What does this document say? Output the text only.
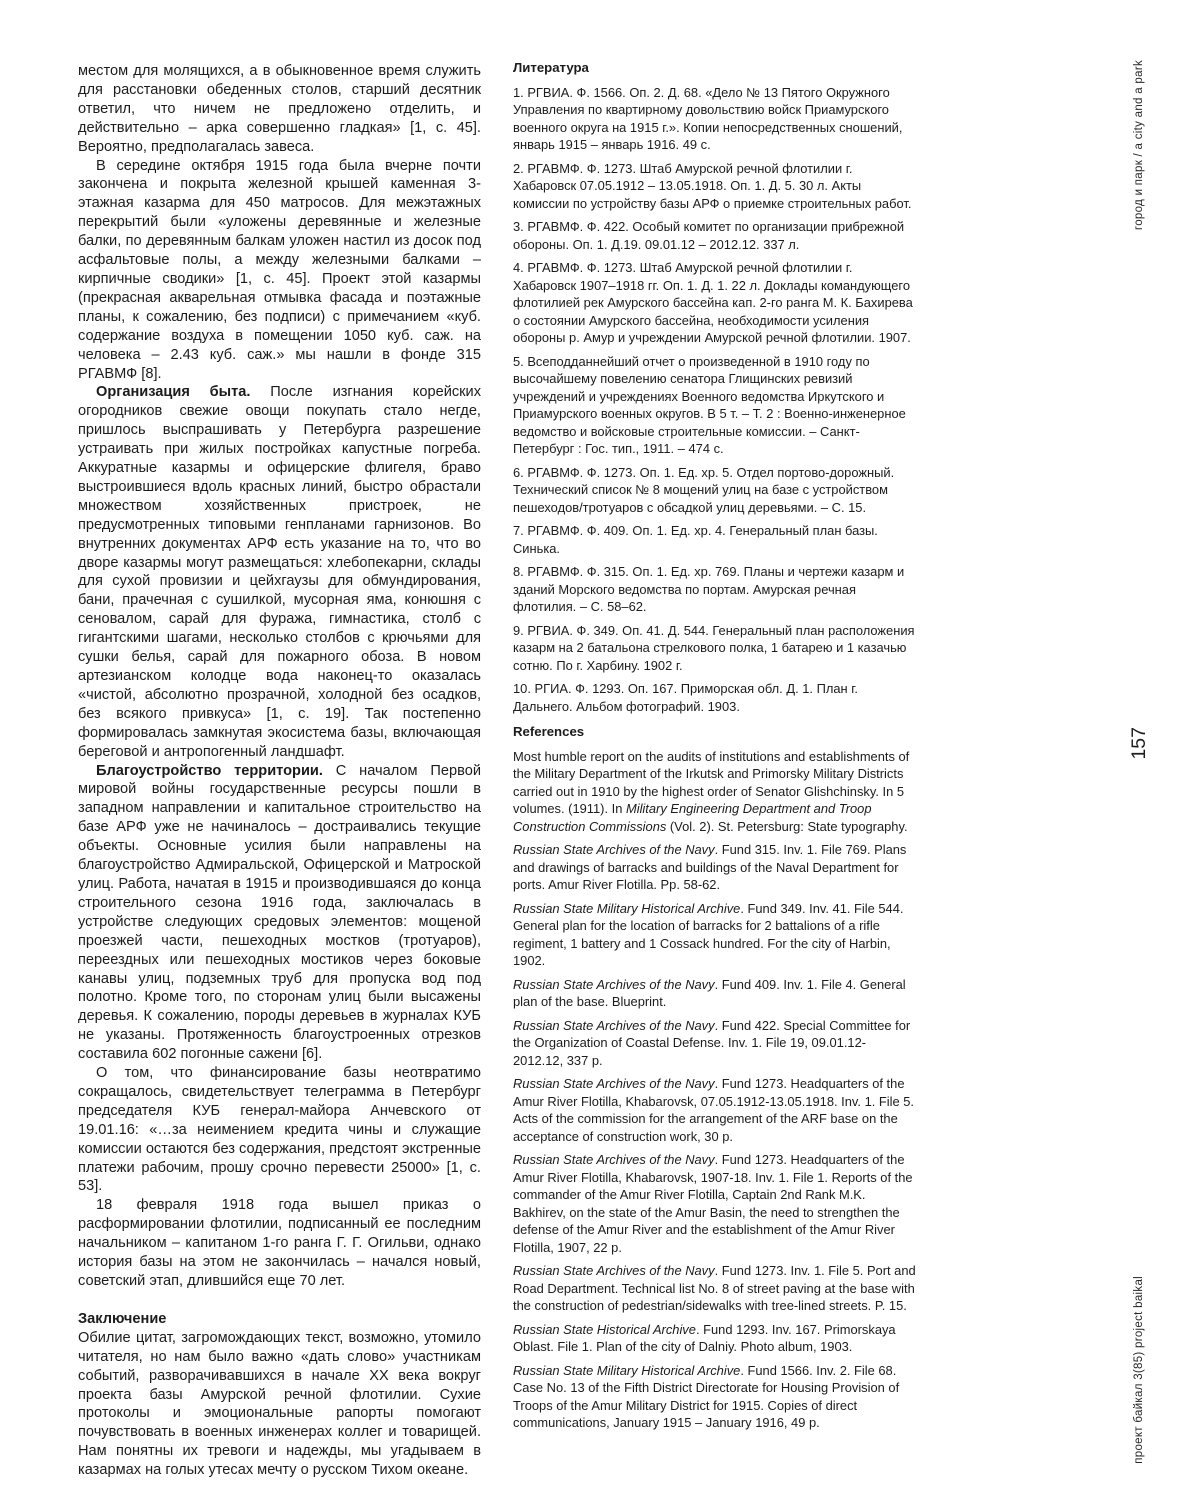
местом для молящихся, а в обыкновенное время служить для расстановки обеденных столов, старший десятник ответил, что ничем не предложено отделить, и действительно – арка совершенно гладкая» [1, с. 45]. Вероятно, предполагалась завеса.

В середине октября 1915 года была вчерне почти закончена и покрыта железной крышей каменная 3-этажная казарма для 450 матросов. Для межэтажных перекрытий были «уложены деревянные и железные балки, по деревянным балкам уложен настил из досок под асфальтовые полы, а между железными балками – кирпичные сводики» [1, с. 45]. Проект этой казармы (прекрасная акварельная отмывка фасада и поэтажные планы, к сожалению, без подписи) с примечанием «куб. содержание воздуха в помещении 1050 куб. саж. на человека – 2.43 куб. саж.» мы нашли в фонде 315 РГАВМФ [8].

Организация быта. После изгнания корейских огородников свежие овощи покупать стало негде, пришлось выспрашивать у Петербурга разрешение устраивать при жилых постройках капустные погреба. Аккуратные казармы и офицерские флигеля, браво выстроившиеся вдоль красных линий, быстро обрастали множеством хозяйственных пристроек, не предусмотренных типовыми генпланами гарнизонов. Во внутренних документах АРФ есть указание на то, что во дворе казармы могут размещаться: хлебопекарни, склады для сухой провизии и цейхгаузы для обмундирования, бани, прачечная с сушилкой, мусорная яма, конюшня с сеновалом, сарай для фуража, гимнастика, столб с гигантскими шагами, несколько столбов с крючьями для сушки белья, сарай для пожарного обоза. В новом артезианском колодце вода наконец-то оказалась «чистой, абсолютно прозрачной, холодной без осадков, без всякого привкуса» [1, с. 19]. Так постепенно формировалась замкнутая экосистема базы, включающая береговой и антропогенный ландшафт.

Благоустройство территории. С началом Первой мировой войны государственные ресурсы пошли в западном направлении и капитальное строительство на базе АРФ уже не начиналось – достраивались текущие объекты. Основные усилия были направлены на благоустройство Адмиральской, Офицерской и Матроской улиц. Работа, начатая в 1915 и производившаяся до конца строительного сезона 1916 года, заключалась в устройстве следующих средовых элементов: мощеной проезжей части, пешеходных мостков (тротуаров), переездных или пешеходных мостиков через боковые канавы улиц, подземных труб для пропуска вод под полотно. Кроме того, по сторонам улиц были высажены деревья. К сожалению, породы деревьев в журналах КУБ не указаны. Протяженность благоустроенных отрезков составила 602 погонные сажени [6].

О том, что финансирование базы неотвратимо сокращалось, свидетельствует телеграмма в Петербург председателя КУБ генерал-майора Анчевского от 19.01.16: «…за неимением кредита чины и служащие комиссии остаются без содержания, предстоят экстренные платежи рабочим, прошу срочно перевести 25000» [1, с. 53].

18 февраля 1918 года вышел приказ о расформировании флотилии, подписанный ее последним начальником – капитаном 1-го ранга Г. Г. Огильви, однако история базы на этом не закончилась – начался новый, советский этап, длившийся еще 70 лет.

Заключение

Обилие цитат, загромождающих текст, возможно, утомило читателя, но нам было важно «дать слово» участникам событий, разворачивавшихся в начале XX века вокруг проекта базы Амурской речной флотилии. Сухие протоколы и эмоциональные рапорты помогают почувствовать в военных инженерах коллег и товарищей. Нам понятны их тревоги и надежды, мы угадываем в казармах на голых утесах мечту о русском Тихом океане.

Литература

1. РГВИА. Ф. 1566. Оп. 2. Д. 68. «Дело № 13 Пятого Окружного Управления по квартирному довольствию войск Приамурского военного округа на 1915 г.». Копии непосредственных сношений, январь 1915 – январь 1916. 49 с.

2. РГАВМФ. Ф. 1273. Штаб Амурской речной флотилии г. Хабаровск 07.05.1912 – 13.05.1918. Оп. 1. Д. 5. 30 л. Акты комиссии по устройству базы АРФ о приемке строительных работ.

3. РГАВМФ. Ф. 422. Особый комитет по организации прибрежной обороны. Оп. 1. Д.19. 09.01.12 – 2012.12. 337 л.

4. РГАВМФ. Ф. 1273. Штаб Амурской речной флотилии г. Хабаровск 1907–1918 гг. Оп. 1. Д. 1. 22 л. Доклады командующего флотилией рек Амурского бассейна кап. 2-го ранга М. К. Бахирева о состоянии Амурского бассейна, необходимости усиления обороны р. Амур и учреждении Амурской речной флотилии. 1907.

5. Всеподданнейший отчет о произведенной в 1910 году по высочайшему повелению сенатора Глищинских ревизий учреждений и учреждениях Военного ведомства Иркутского и Приамурского военных округов. В 5 т. – Т. 2 : Военно-инженерное ведомство и войсковые строительные комиссии. – Санкт-Петербург : Гос. тип., 1911. – 474 с.

6. РГАВМФ. Ф. 1273. Оп. 1. Ед. хр. 5. Отдел портово-дорожный. Технический список № 8 мощений улиц на базе с устройством пешеходов/тротуаров с обсадкой улиц деревьями. – С. 15.

7. РГАВМФ. Ф. 409. Оп. 1. Ед. хр. 4. Генеральный план базы. Синька.

8. РГАВМФ. Ф. 315. Оп. 1. Ед. хр. 769. Планы и чертежи казарм и зданий Морского ведомства по портам. Амурская речная флотилия. – С. 58–62.

9. РГВИА. Ф. 349. Оп. 41. Д. 544. Генеральный план расположения казарм на 2 батальона стрелкового полка, 1 батарею и 1 казачью сотню. По г. Харбину. 1902 г.

10. РГИА. Ф. 1293. Оп. 167. Приморская обл. Д. 1. План г. Дальнего. Альбом фотографий. 1903.

References

Most humble report on the audits of institutions and establishments of the Military Department of the Irkutsk and Primorsky Military Districts carried out in 1910 by the highest order of Senator Glishchinsky. In 5 volumes. (1911). In Military Engineering Department and Troop Construction Commissions (Vol. 2). St. Petersburg: State typography.

Russian State Archives of the Navy. Fund 315. Inv. 1. File 769. Plans and drawings of barracks and buildings of the Naval Department for ports. Amur River Flotilla. Pp. 58-62.

Russian State Military Historical Archive. Fund 349. Inv. 41. File 544. General plan for the location of barracks for 2 battalions of a rifle regiment, 1 battery and 1 Cossack hundred. For the city of Harbin, 1902.

Russian State Archives of the Navy. Fund 409. Inv. 1. File 4. General plan of the base. Blueprint.

Russian State Archives of the Navy. Fund 422. Special Committee for the Organization of Coastal Defense. Inv. 1. File 19, 09.01.12-2012.12, 337 p.

Russian State Archives of the Navy. Fund 1273. Headquarters of the Amur River Flotilla, Khabarovsk, 07.05.1912-13.05.1918. Inv. 1. File 5. Acts of the commission for the arrangement of the ARF base on the acceptance of construction work, 30 p.

Russian State Archives of the Navy. Fund 1273. Headquarters of the Amur River Flotilla, Khabarovsk, 1907-18. Inv. 1. File 1. Reports of the commander of the Amur River Flotilla, Captain 2nd Rank M.K. Bakhirev, on the state of the Amur Basin, the need to strengthen the defense of the Amur River and the establishment of the Amur River Flotilla, 1907, 22 p.

Russian State Archives of the Navy. Fund 1273. Inv. 1. File 5. Port and Road Department. Technical list No. 8 of street paving at the base with the construction of pedestrian/sidewalks with tree-lined streets. P. 15.

Russian State Historical Archive. Fund 1293. Inv. 167. Primorskaya Oblast. File 1. Plan of the city of Dalniy. Photo album, 1903.

Russian State Military Historical Archive. Fund 1566. Inv. 2. File 68. Case No. 13 of the Fifth District Directorate for Housing Provision of Troops of the Amur Military District for 1915. Copies of direct communications, January 1915 – January 1916, 49 p.

город и парк / a city and a park
157
проект байкал 3(85) project baikal
